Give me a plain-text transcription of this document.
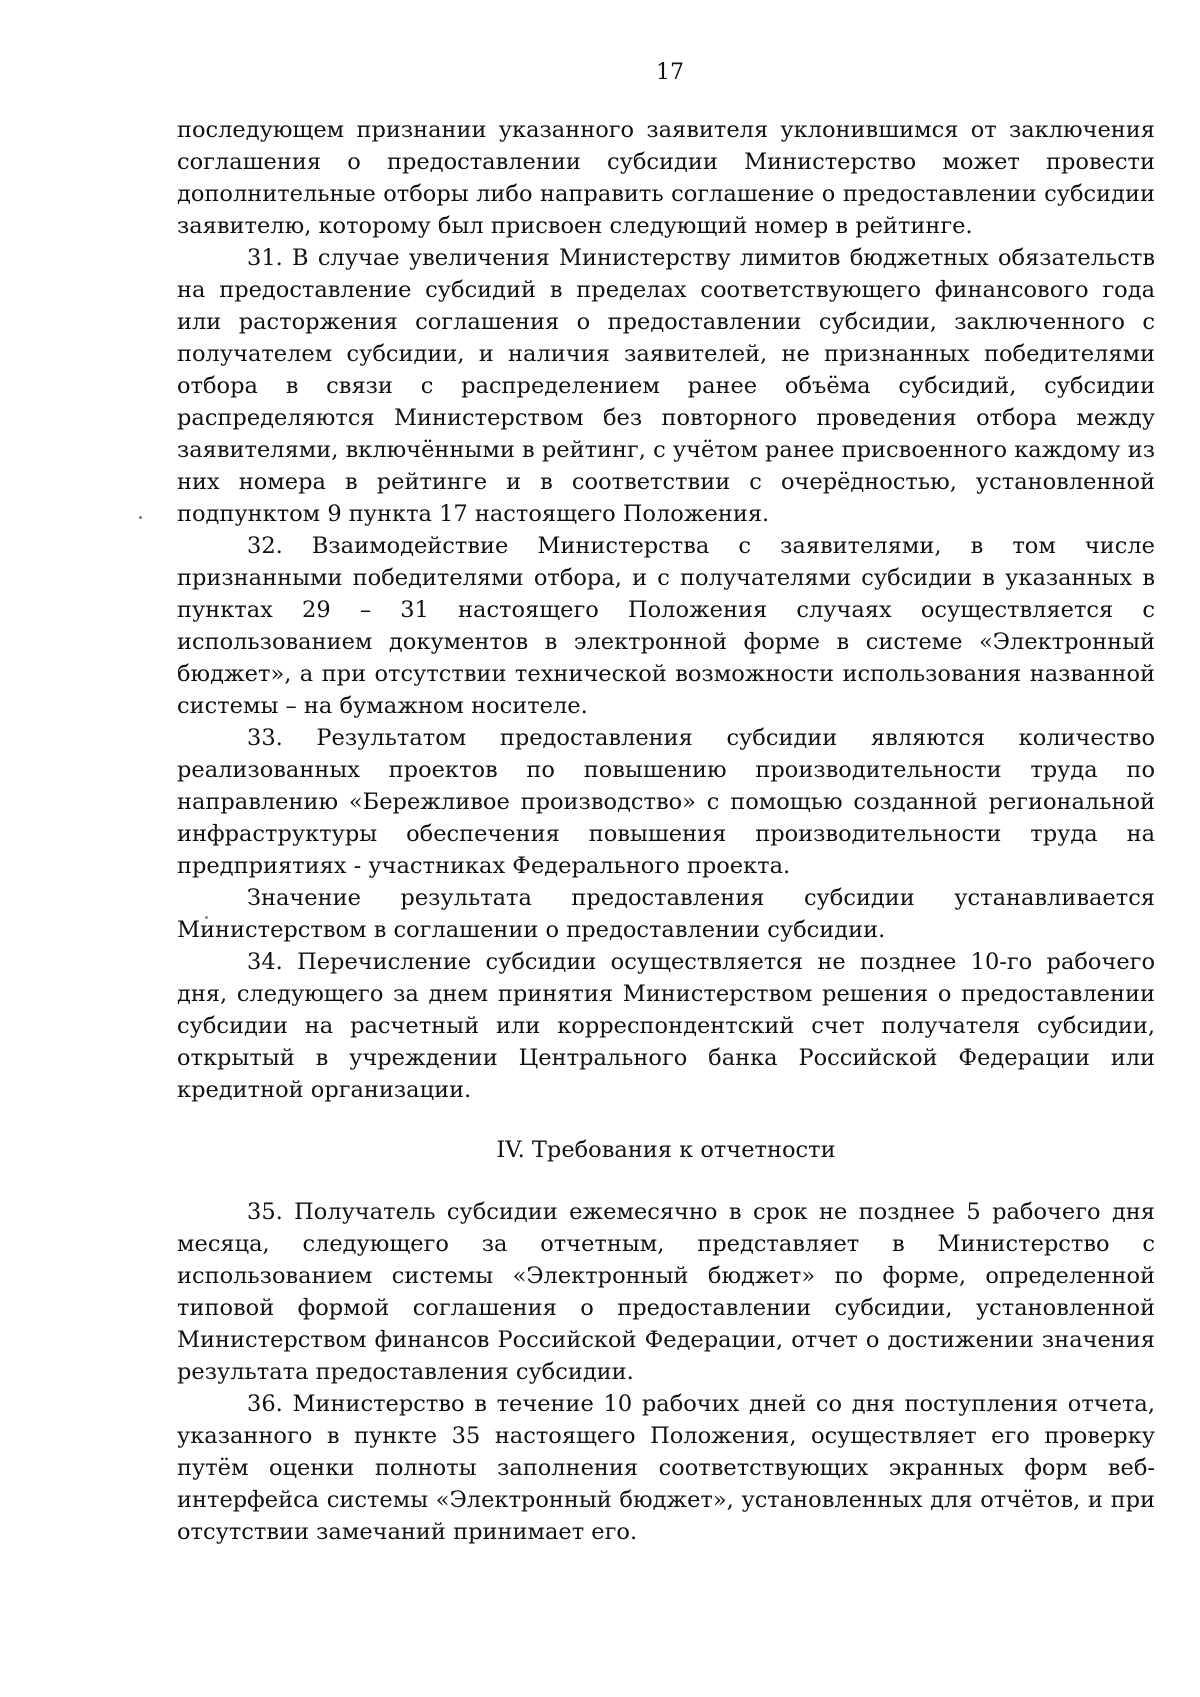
17

последующем признании указанного заявителя уклонившимся от заключения соглашения о предоставлении субсидии Министерство может провести дополнительные отборы либо направить соглашение о предоставлении субсидии заявителю, которому был присвоен следующий номер в рейтинге.

31. В случае увеличения Министерству лимитов бюджетных обязательств на предоставление субсидий в пределах соответствующего финансового года или расторжения соглашения о предоставлении субсидии, заключенного с получателем субсидии, и наличия заявителей, не признанных победителями отбора в связи с распределением ранее объёма субсидий, субсидии распределяются Министерством без повторного проведения отбора между заявителями, включёнными в рейтинг, с учётом ранее присвоенного каждому из них номера в рейтинге и в соответствии с очерёдностью, установленной подпунктом 9 пункта 17 настоящего Положения.

32. Взаимодействие Министерства с заявителями, в том числе признанными победителями отбора, и с получателями субсидии в указанных в пунктах 29 – 31 настоящего Положения случаях осуществляется с использованием документов в электронной форме в системе «Электронный бюджет», а при отсутствии технической возможности использования названной системы – на бумажном носителе.

33. Результатом предоставления субсидии являются количество реализованных проектов по повышению производительности труда по направлению «Бережливое производство» с помощью созданной региональной инфраструктуры обеспечения повышения производительности труда на предприятиях - участниках Федерального проекта.

Значение результата предоставления субсидии устанавливается Министерством в соглашении о предоставлении субсидии.

34. Перечисление субсидии осуществляется не позднее 10-го рабочего дня, следующего за днем принятия Министерством решения о предоставлении субсидии на расчетный или корреспондентский счет получателя субсидии, открытый в учреждении Центрального банка Российской Федерации или кредитной организации.

IV. Требования к отчетности

35. Получатель субсидии ежемесячно в срок не позднее 5 рабочего дня месяца, следующего за отчетным, представляет в Министерство с использованием системы «Электронный бюджет» по форме, определенной типовой формой соглашения о предоставлении субсидии, установленной Министерством финансов Российской Федерации, отчет о достижении значения результата предоставления субсидии.

36. Министерство в течение 10 рабочих дней со дня поступления отчета, указанного в пункте 35 настоящего Положения, осуществляет его проверку путём оценки полноты заполнения соответствующих экранных форм веб-интерфейса системы «Электронный бюджет», установленных для отчётов, и при отсутствии замечаний принимает его.
